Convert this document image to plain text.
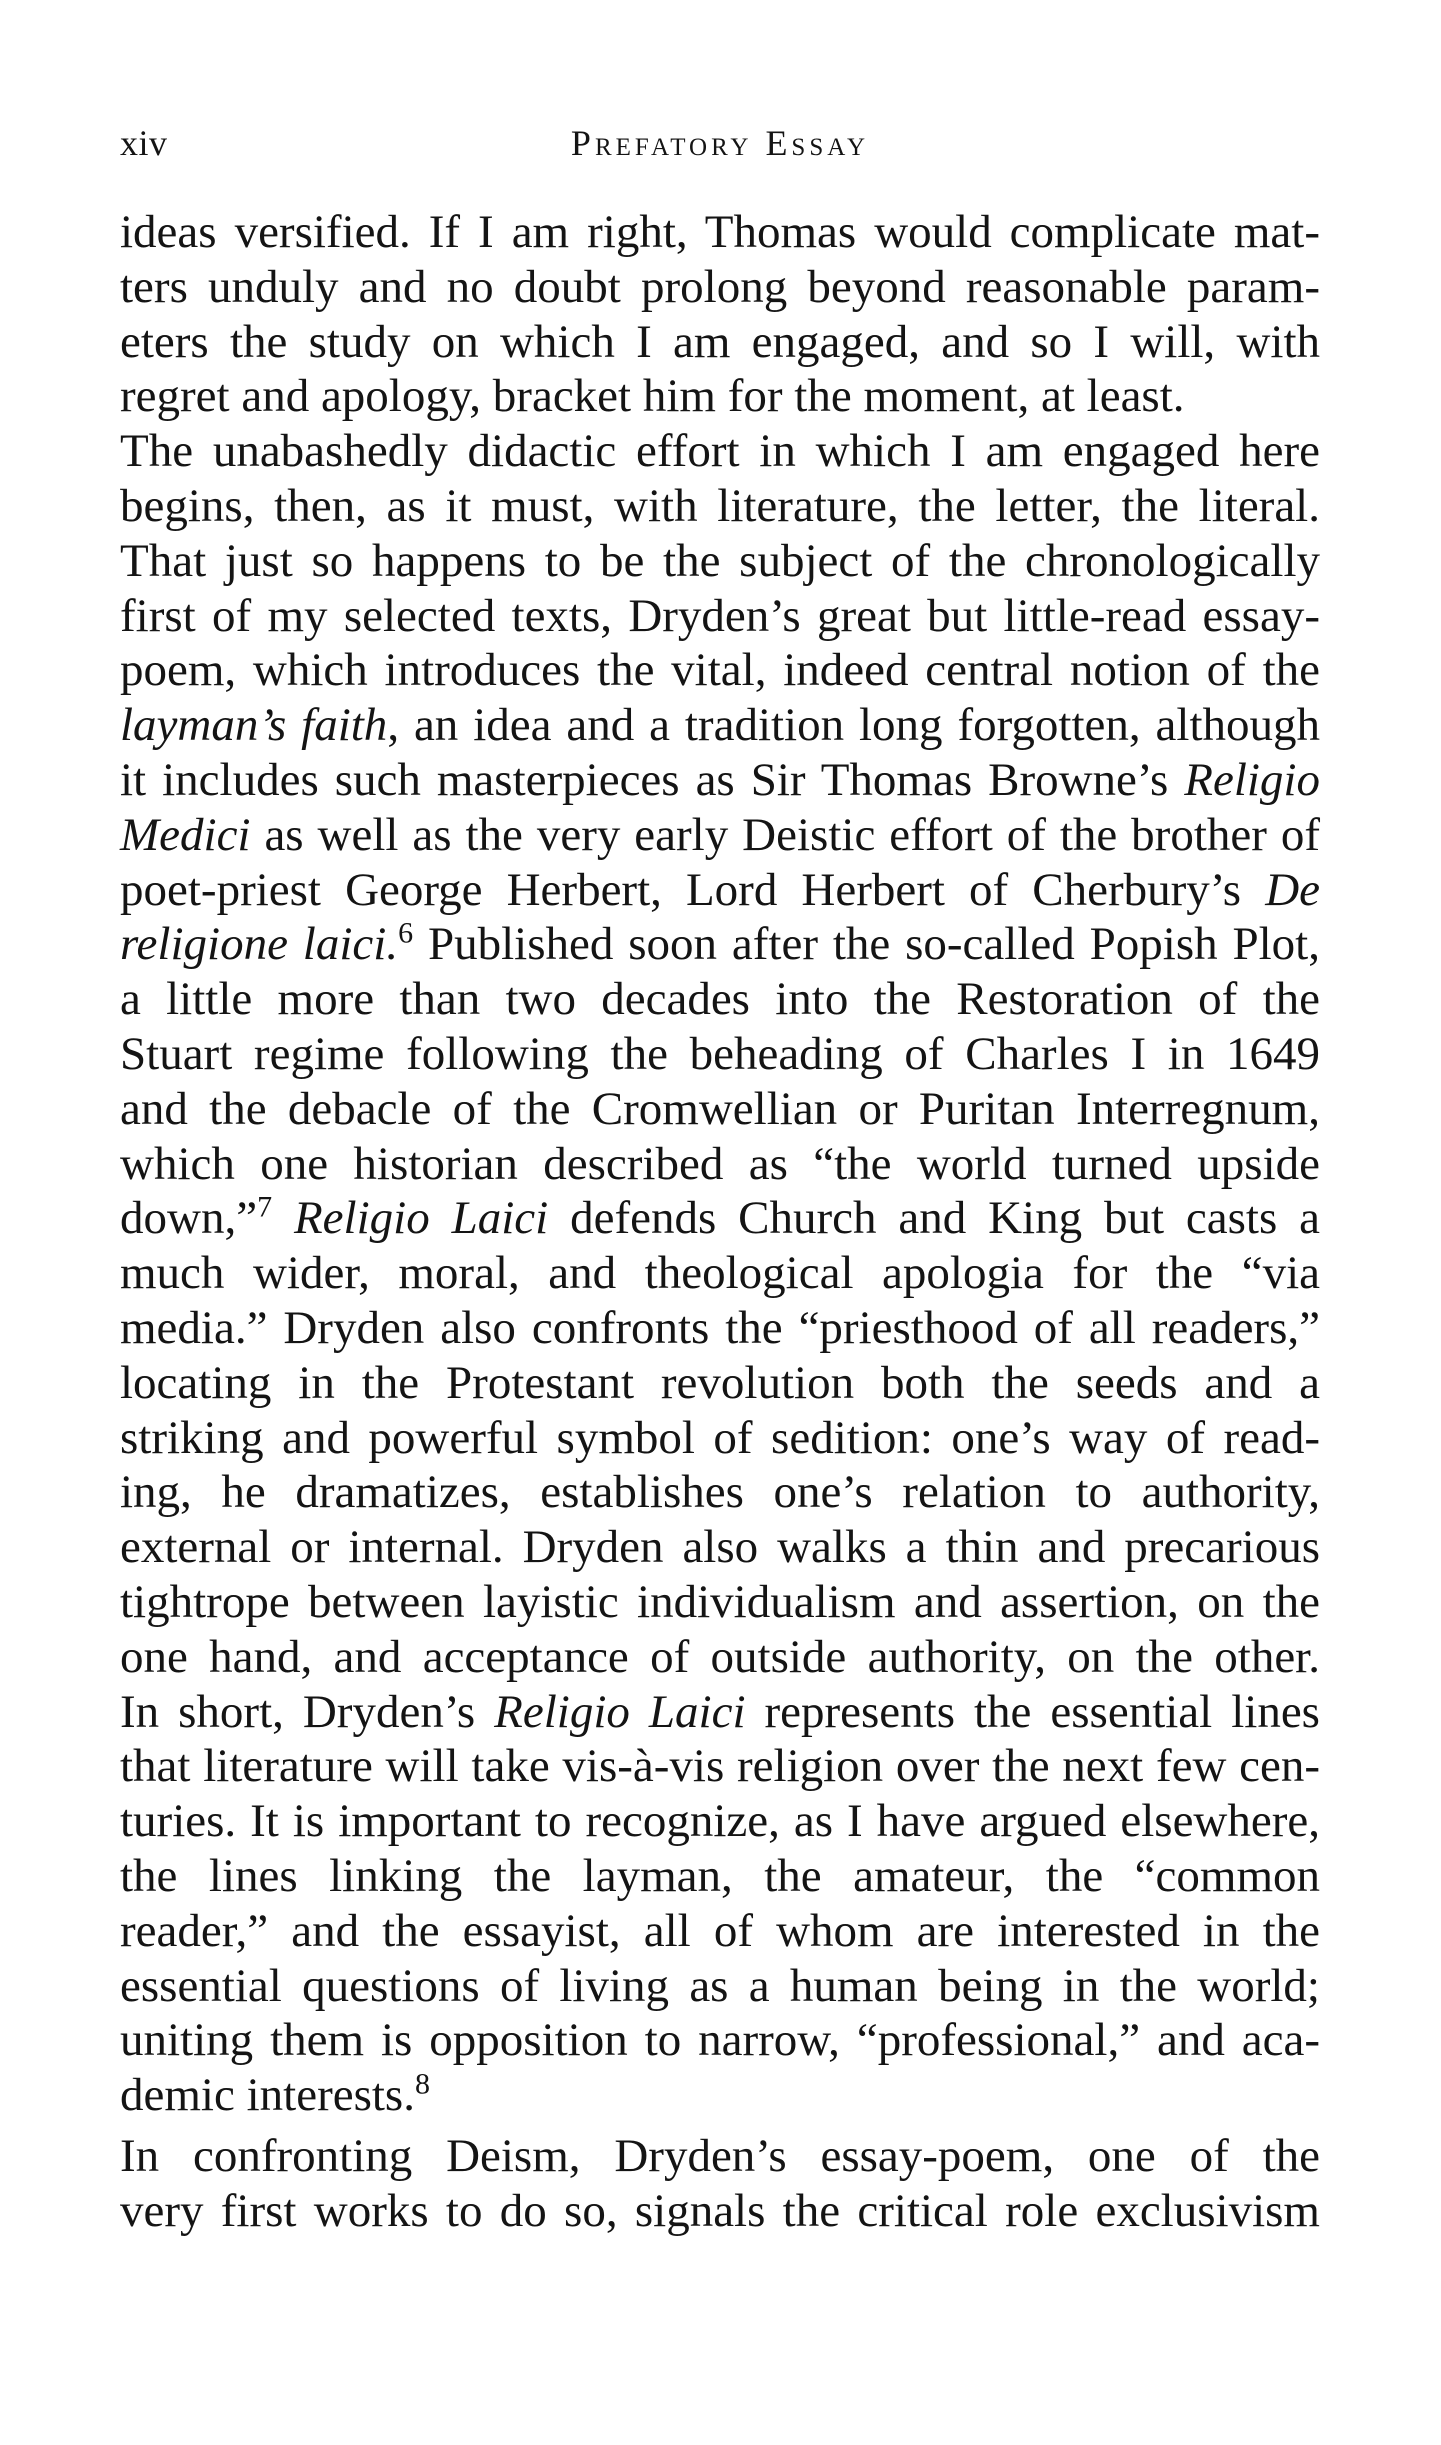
xiv	Prefatory Essay
ideas versified. If I am right, Thomas would complicate mat-
ters unduly and no doubt prolong beyond reasonable param-
eters the study on which I am engaged, and so I will, with
regret and apology, bracket him for the moment, at least.
The unabashedly didactic effort in which I am engaged here
begins, then, as it must, with literature, the letter, the literal.
That just so happens to be the subject of the chronologically
first of my selected texts, Dryden’s great but little-read essay-
poem, which introduces the vital, indeed central notion of the
layman’s faith, an idea and a tradition long forgotten, although
it includes such masterpieces as Sir Thomas Browne’s Religio
Medici as well as the very early Deistic effort of the brother of
poet-priest George Herbert, Lord Herbert of Cherbury’s De
religione laici.$^6$ Published soon after the so-called Popish Plot,
a little more than two decades into the Restoration of the
Stuart regime following the beheading of Charles I in 1649
and the debacle of the Cromwellian or Puritan Interregnum,
which one historian described as “the world turned upside
down,”$^7$ Religio Laici defends Church and King but casts a
much wider, moral, and theological apologia for the “via
media.” Dryden also confronts the “priesthood of all readers,”
locating in the Protestant revolution both the seeds and a
striking and powerful symbol of sedition: one’s way of read-
ing, he dramatizes, establishes one’s relation to authority,
external or internal. Dryden also walks a thin and precarious
tightrope between layistic individualism and assertion, on the
one hand, and acceptance of outside authority, on the other.
In short, Dryden’s Religio Laici represents the essential lines
that literature will take vis-à-vis religion over the next few cen-
turies. It is important to recognize, as I have argued elsewhere,
the lines linking the layman, the amateur, the “common
reader,” and the essayist, all of whom are interested in the
essential questions of living as a human being in the world;
uniting them is opposition to narrow, “professional,” and aca-
demic interests.$^8$
In confronting Deism, Dryden’s essay-poem, one of the
very first works to do so, signals the critical role exclusivism
